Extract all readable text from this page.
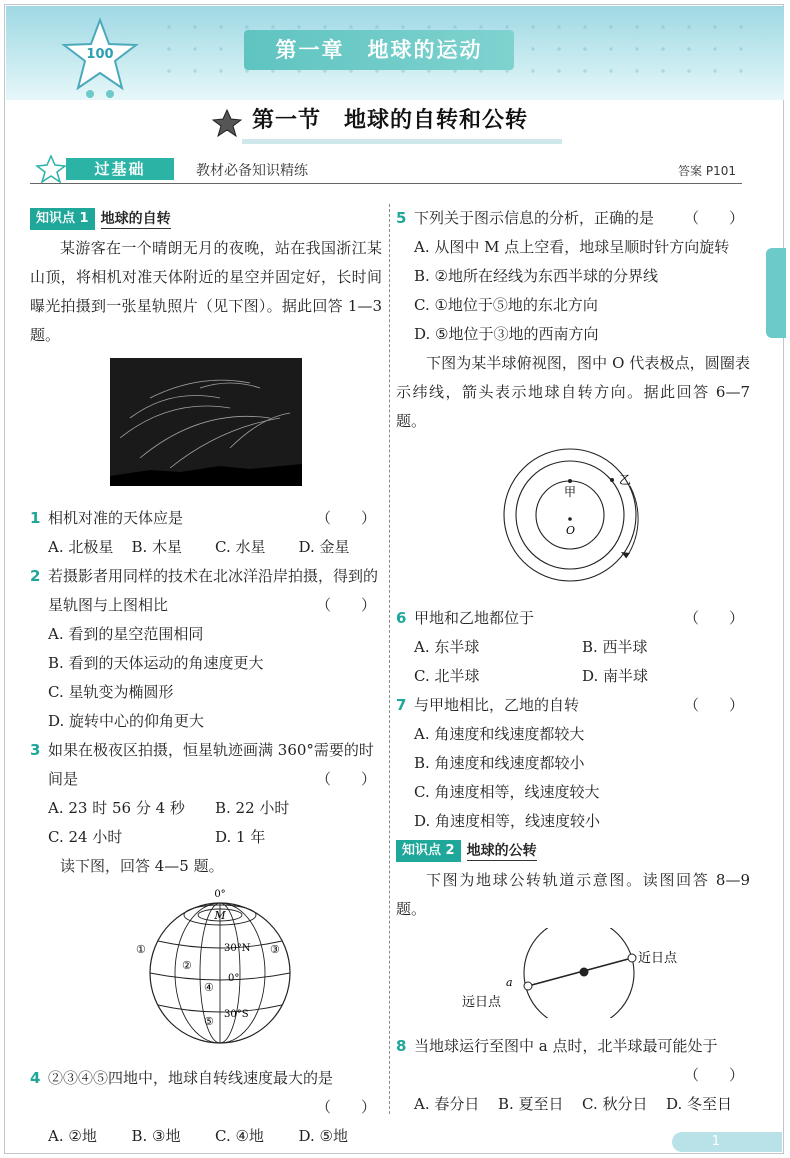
100	第一章　地球的运动
第一节　地球的自转和公转
过基础	教材必备知识精练	答案 P101
知识点 1 地球的自转
某游客在一个晴朗无月的夜晚，站在我国浙江某山顶，将相机对准天体附近的星空并固定好，长时间曝光拍摄到一张星轨照片（见下图）。据此回答 1—3 题。
1 相机对准的天体应是	（　　）
A. 北极星	B. 木星	C. 水星	D. 金星
2 若摄影者用同样的技术在北冰洋沿岸拍摄，得到的星轨图与上图相比	（　　）
A. 看到的星空范围相同
B. 看到的天体运动的角速度更大
C. 星轨变为椭圆形
D. 旋转中心的仰角更大
3 如果在极夜区拍摄，恒星轨迹画满 360°需要的时间是	（　　）
A. 23 时 56 分 4 秒	B. 22 小时
C. 24 小时	D. 1 年
读下图，回答 4—5 题。
0°
M
30°N
0°
30°S
①
②
③
④
⑤
4 ②③④⑤四地中，地球自转线速度最大的是
（　　）
A. ②地	B. ③地	C. ④地	D. ⑤地
5 下列关于图示信息的分析，正确的是 （　　）
A. 从图中 M 点上空看，地球呈顺时针方向旋转
B. ②地所在经线为东西半球的分界线
C. ①地位于⑤地的东北方向
D. ⑤地位于③地的西南方向
下图为某半球俯视图，图中 O 代表极点，圆圈表示纬线，箭头表示地球自转方向。据此回答 6—7 题。
甲
乙
O
6 甲地和乙地都位于	（　　）
A. 东半球	B. 西半球
C. 北半球	D. 南半球
7 与甲地相比，乙地的自转	（　　）
A. 角速度和线速度都较大
B. 角速度和线速度都较小
C. 角速度相等，线速度较大
D. 角速度相等，线速度较小
知识点 2 地球的公转
下图为地球公转轨道示意图。读图回答 8—9 题。
a
近日点
远日点
8 当地球运行至图中 a 点时，北半球最可能处于
（　　）
A. 春分日	B. 夏至日	C. 秋分日	D. 冬至日
1
